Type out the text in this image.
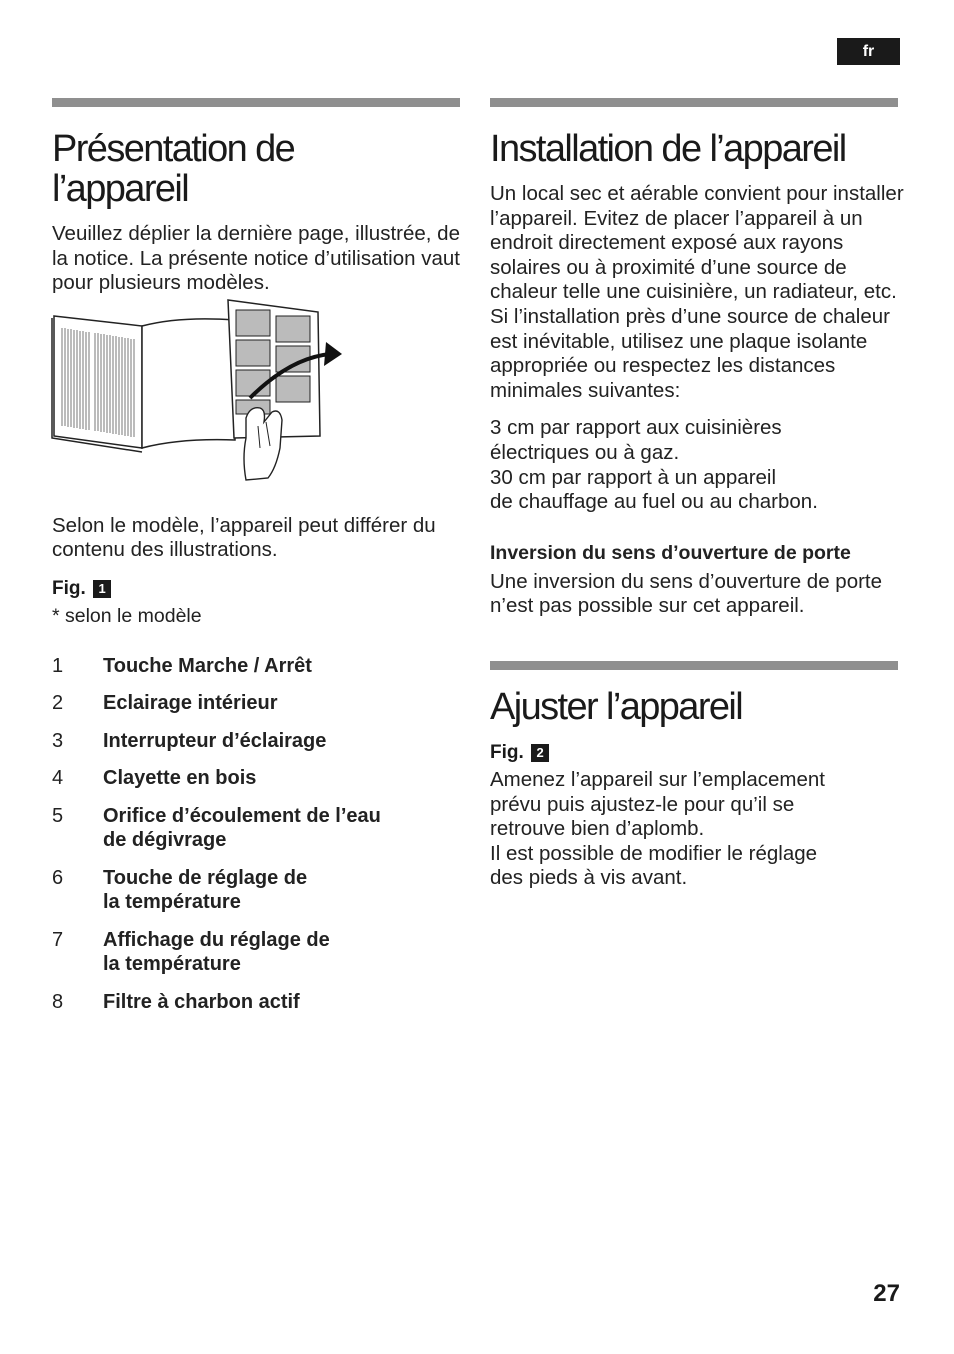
fr
Présentation de
l’appareil

Veuillez déplier la dernière page, illustrée, de la notice. La présente notice d’utilisation vaut pour plusieurs modèles.

Selon le modèle, l’appareil peut différer du contenu des illustrations.

Fig. 1

* selon le modèle

1	Touche Marche / Arrêt
2	Eclairage intérieur
3	Interrupteur d’éclairage
4	Clayette en bois
5	Orifice d’écoulement de l’eau
de dégivrage
6	Touche de réglage de
la température
7	Affichage du réglage de
la température
8	Filtre à charbon actif
Installation de l’appareil

Un local sec et aérable convient pour installer l’appareil. Evitez de placer l’appareil à un endroit directement exposé aux rayons solaires ou à proximité d’une source de chaleur telle une cuisinière, un radiateur, etc. Si l’installation près d’une source de chaleur est inévitable, utilisez une plaque isolante appropriée ou respectez les distances minimales suivantes:

3 cm par rapport aux cuisinières
électriques ou à gaz.
30 cm par rapport à un appareil
de chauffage au fuel ou au charbon.

Inversion du sens d’ouverture de porte

Une inversion du sens d’ouverture de porte n’est pas possible sur cet appareil.

Ajuster l’appareil
Fig. 2

Amenez l’appareil sur l’emplacement
prévu puis ajustez-le pour qu’il se
retrouve bien d’aplomb.
Il est possible de modifier le réglage
des pieds à vis avant.

27
